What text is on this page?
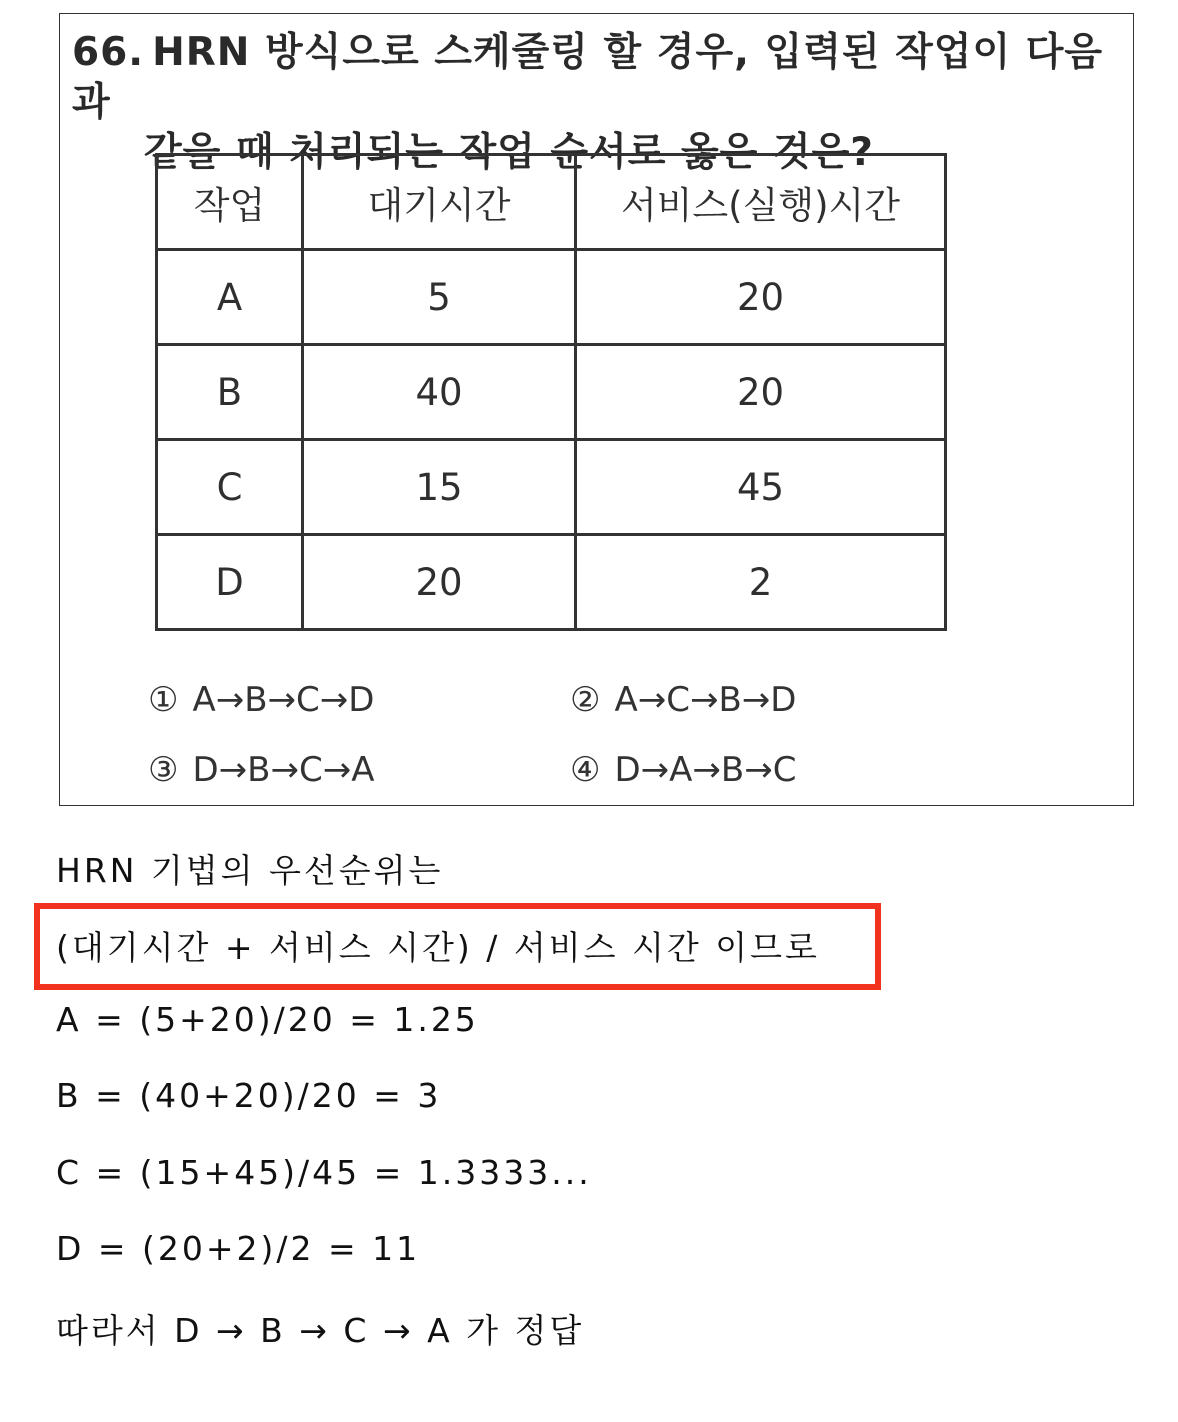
66. HRN 방식으로 스케줄링 할 경우, 입력된 작업이 다음과
같을 때 처리되는 작업 순서로 옳은 것은?

작업	대기시간	서비스(실행)시간
A	5	20
B	40	20
C	15	45
D	20	2
① A→B→C→D	② A→C→B→D
③ D→B→C→A	④ D→A→B→C
HRN 기법의 우선순위는
(대기시간 + 서비스 시간) / 서비스 시간 이므로
A = (5+20)/20 = 1.25
B = (40+20)/20 = 3
C = (15+45)/45 = 1.3333...
D = (20+2)/2 = 11
따라서 D → B → C → A 가 정답
